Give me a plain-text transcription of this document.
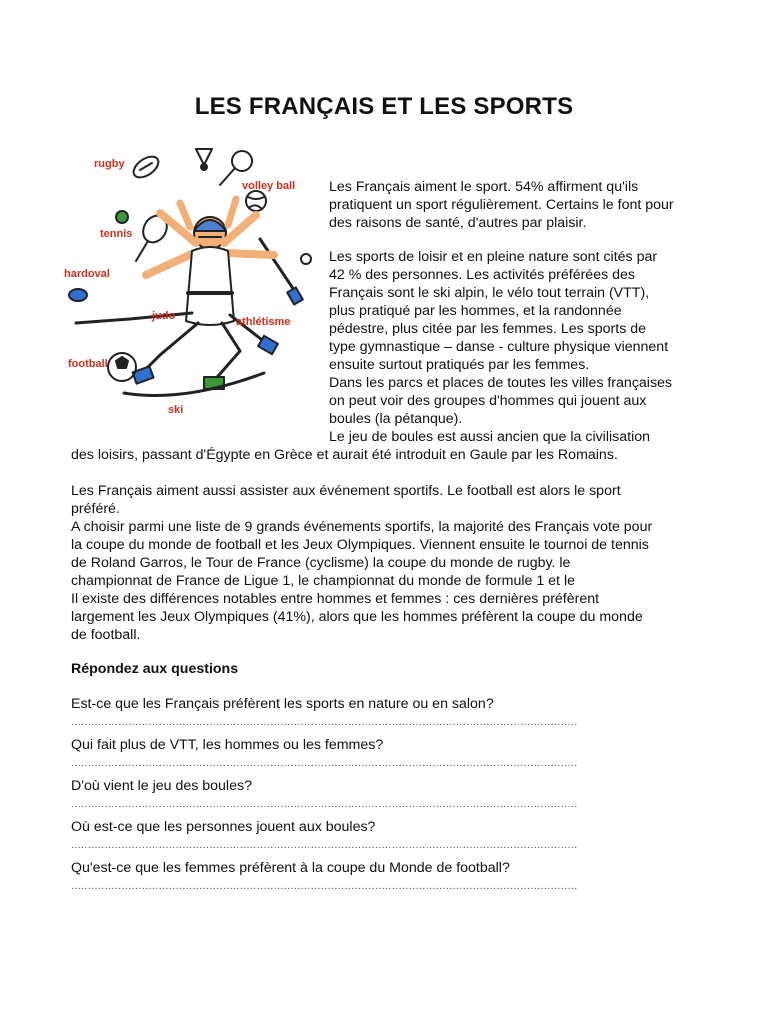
LES FRANÇAIS ET LES SPORTS
rugby
volley ball
tennis
hardoval
judo	athlétisme
football
ski
Les Français aiment le sport. 54% affirment qu'ils
pratiquent un sport régulièrement. Certains le font pour
des raisons de santé, d'autres par plaisir.
Les sports de loisir et en pleine nature sont cités par
42 % des personnes. Les activités préférées des
Français sont le ski alpin, le vélo tout terrain (VTT),
plus pratiqué par les hommes, et la randonnée
pédestre, plus citée par les femmes. Les sports de
type gymnastique – danse - culture physique viennent
ensuite surtout pratiqués par les femmes.
Dans les parcs et places de toutes les villes françaises
on peut voir des groupes d'hommes qui jouent aux
boules (la pétanque).
Le jeu de boules est aussi ancien que la civilisation
des loisirs, passant d'Égypte en Grèce et aurait été introduit en Gaule par les Romains.
Les Français aiment aussi assister aux événement sportifs. Le football est alors le sport
préféré.
A choisir parmi une liste de 9 grands événements sportifs, la majorité des Français vote pour
la coupe du monde de football et les Jeux Olympiques. Viennent ensuite le tournoi de tennis
de Roland Garros, le Tour de France (cyclisme) la coupe du monde de rugby. le
championnat de France de Ligue 1, le championnat du monde de formule 1 et le
Il existe des différences notables entre hommes et femmes : ces dernières préfèrent
largement les Jeux Olympiques (41%), alors que les hommes préfèrent la coupe du monde
de football.
Répondez aux questions
Est-ce que les Français préfèrent les sports en nature ou en salon?
......................................................................................................................................................
Qui fait plus de VTT, les hommes ou les femmes?
......................................................................................................................................................
D'où vient le jeu des boules?
......................................................................................................................................................
Où est-ce que les personnes jouent aux boules?
......................................................................................................................................................
Qu'est-ce que les femmes préfèrent à la coupe du Monde de football?
......................................................................................................................................................
